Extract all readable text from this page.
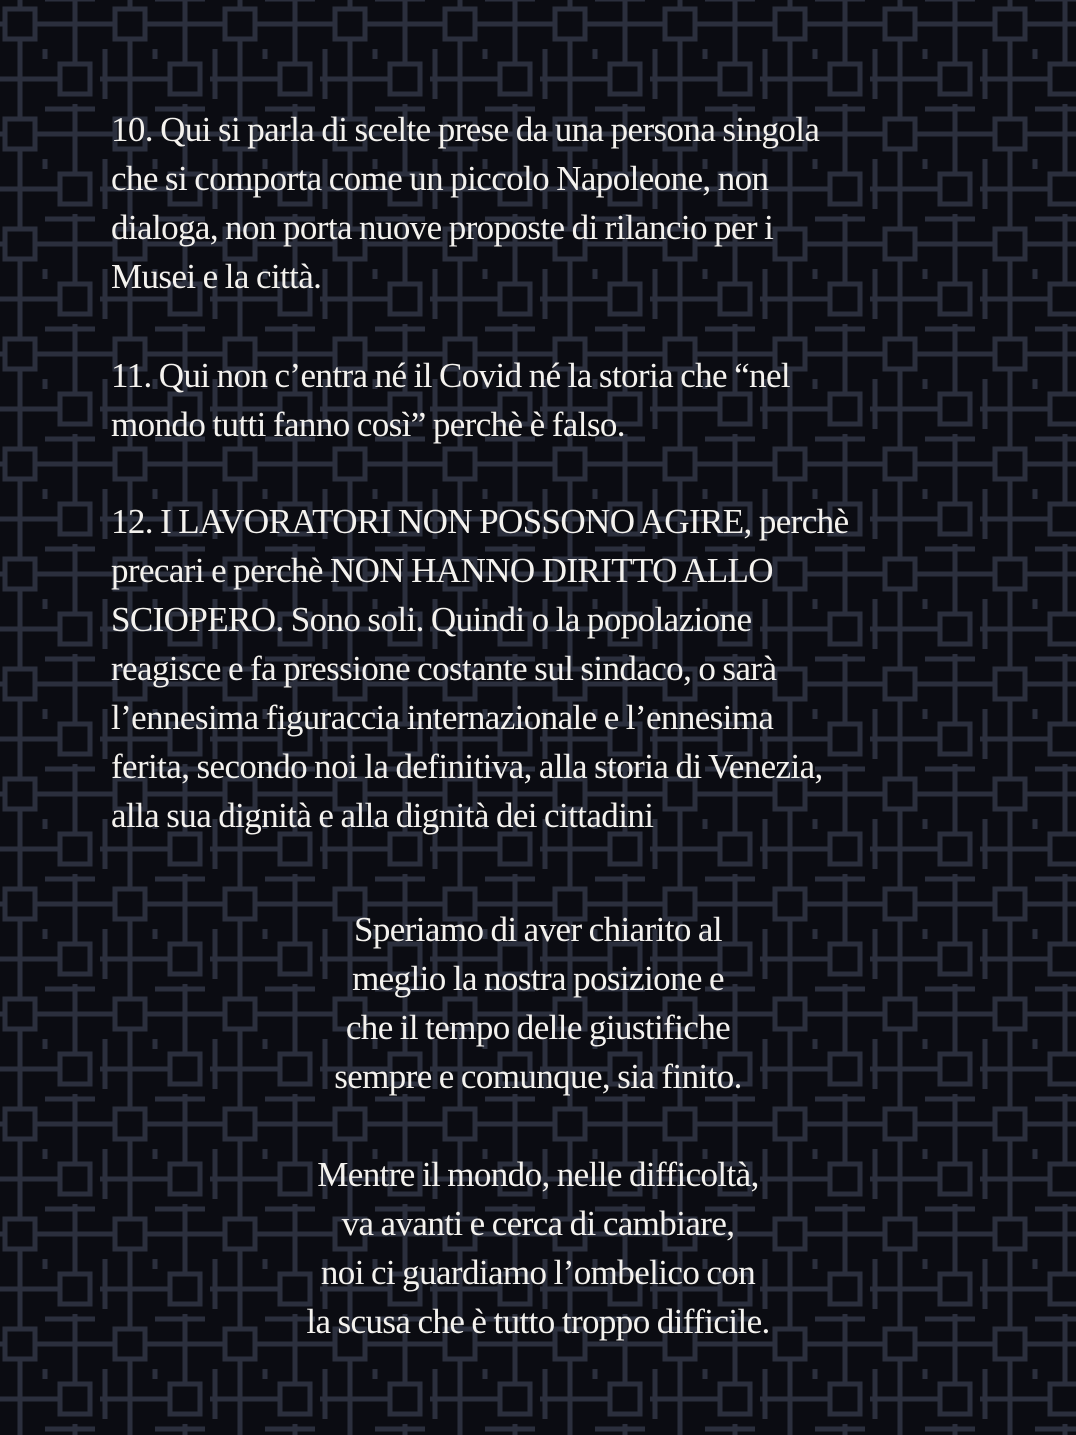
10. Qui si parla di scelte prese da una persona singola
che si comporta come un piccolo Napoleone, non
dialoga, non porta nuove proposte di rilancio per i
Musei e la città.

11. Qui non c’entra né il Covid né la storia che “nel
mondo tutti fanno così” perchè è falso.

12. I LAVORATORI NON POSSONO AGIRE, perchè
precari e perchè NON HANNO DIRITTO ALLO
SCIOPERO. Sono soli. Quindi o la popolazione
reagisce e fa pressione costante sul sindaco, o sarà
l’ennesima figuraccia internazionale e l’ennesima
ferita, secondo noi la definitiva, alla storia di Venezia,
alla sua dignità e alla dignità dei cittadini

Speriamo di aver chiarito al
meglio la nostra posizione e
che il tempo delle giustifiche
sempre e comunque, sia finito.

Mentre il mondo, nelle difficoltà,
va avanti e cerca di cambiare,
noi ci guardiamo l’ombelico con
la scusa che è tutto troppo difficile.
